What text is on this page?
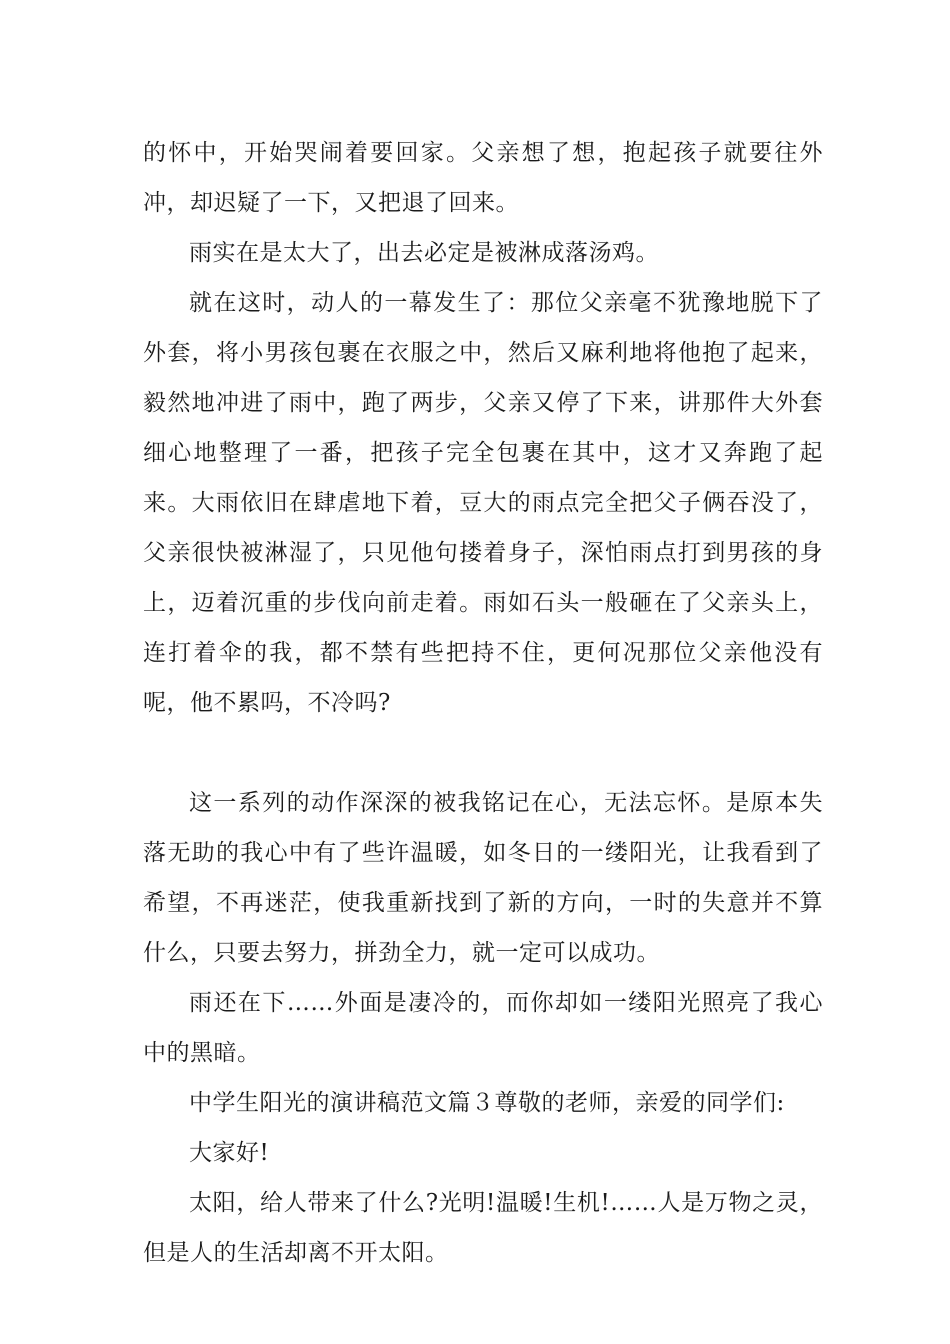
的怀中，开始哭闹着要回家。父亲想了想，抱起孩子就要往外冲，却迟疑了一下，又把退了回来。

雨实在是太大了，出去必定是被淋成落汤鸡。

就在这时，动人的一幕发生了：那位父亲毫不犹豫地脱下了外套，将小男孩包裹在衣服之中，然后又麻利地将他抱了起来，毅然地冲进了雨中，跑了两步，父亲又停了下来，讲那件大外套细心地整理了一番，把孩子完全包裹在其中，这才又奔跑了起来。大雨依旧在肆虐地下着，豆大的雨点完全把父子俩吞没了，父亲很快被淋湿了，只见他句搂着身子，深怕雨点打到男孩的身上，迈着沉重的步伐向前走着。雨如石头一般砸在了父亲头上，连打着伞的我，都不禁有些把持不住，更何况那位父亲他没有呢，他不累吗，不冷吗?

这一系列的动作深深的被我铭记在心，无法忘怀。是原本失落无助的我心中有了些许温暖，如冬日的一缕阳光，让我看到了希望，不再迷茫，使我重新找到了新的方向，一时的失意并不算什么，只要去努力，拼劲全力，就一定可以成功。

雨还在下……外面是凄冷的，而你却如一缕阳光照亮了我心中的黑暗。

中学生阳光的演讲稿范文篇３尊敬的老师，亲爱的同学们:

大家好!

太阳，给人带来了什么?光明!温暖!生机!……人是万物之灵，但是人的生活却离不开太阳。
